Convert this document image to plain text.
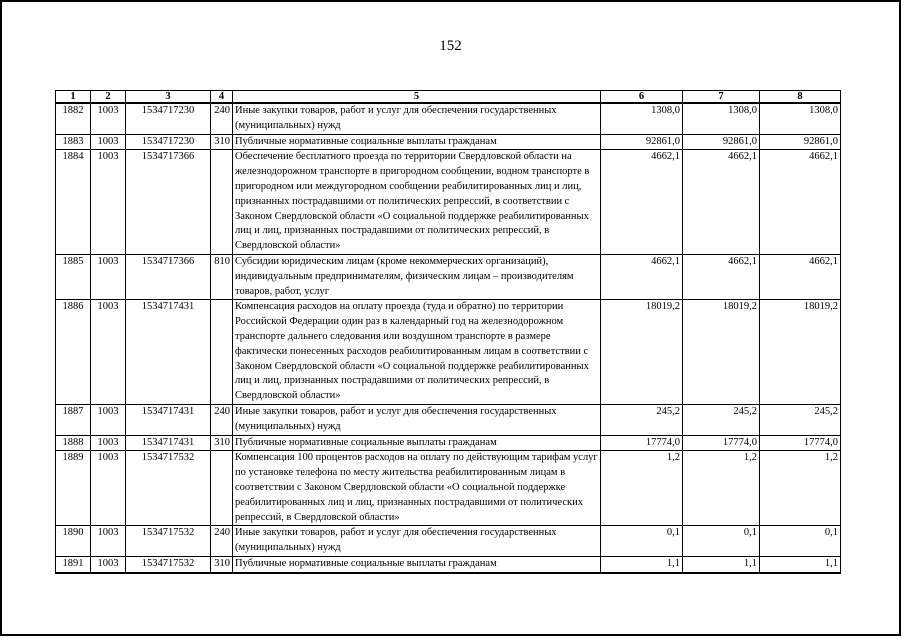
152
1	2	3	4	5	6	7	8
1882	1003	1534717230	240	Иные закупки товаров, работ и услуг для обеспечения государственных (муниципальных) нужд	1308,0	1308,0	1308,0
1883	1003	1534717230	310	Публичные нормативные социальные выплаты гражданам	92861,0	92861,0	92861,0
1884	1003	1534717366		Обеспечение бесплатного проезда по территории Свердловской области на железнодорожном транспорте в пригородном сообщении, водном транспорте в пригородном или междугородном сообщении реабилитированных лиц и лиц, признанных пострадавшими от политических репрессий, в соответствии с Законом Свердловской области «О социальной поддержке реабилитированных лиц и лиц, признанных пострадавшими от политических репрессий, в Свердловской области»	4662,1	4662,1	4662,1
1885	1003	1534717366	810	Субсидии юридическим лицам (кроме некоммерческих организаций), индивидуальным предпринимателям, физическим лицам – производителям товаров, работ, услуг	4662,1	4662,1	4662,1
1886	1003	1534717431		Компенсация расходов на оплату проезда (туда и обратно) по территории Российской Федерации один раз в календарный год на железнодорожном транспорте дальнего следования или воздушном транспорте в размере фактически понесенных расходов реабилитированным лицам в соответствии с Законом Свердловской области «О социальной поддержке реабилитированных лиц и лиц, признанных пострадавшими от политических репрессий, в Свердловской области»	18019,2	18019,2	18019,2
1887	1003	1534717431	240	Иные закупки товаров, работ и услуг для обеспечения государственных (муниципальных) нужд	245,2	245,2	245,2
1888	1003	1534717431	310	Публичные нормативные социальные выплаты гражданам	17774,0	17774,0	17774,0
1889	1003	1534717532		Компенсация 100 процентов расходов на оплату по действующим тарифам услуг по установке телефона по месту жительства реабилитированным лицам в соответствии с Законом Свердловской области «О социальной поддержке реабилитированных лиц и лиц, признанных пострадавшими от политических репрессий, в Свердловской области»	1,2	1,2	1,2
1890	1003	1534717532	240	Иные закупки товаров, работ и услуг для обеспечения государственных (муниципальных) нужд	0,1	0,1	0,1
1891	1003	1534717532	310	Публичные нормативные социальные выплаты гражданам	1,1	1,1	1,1
